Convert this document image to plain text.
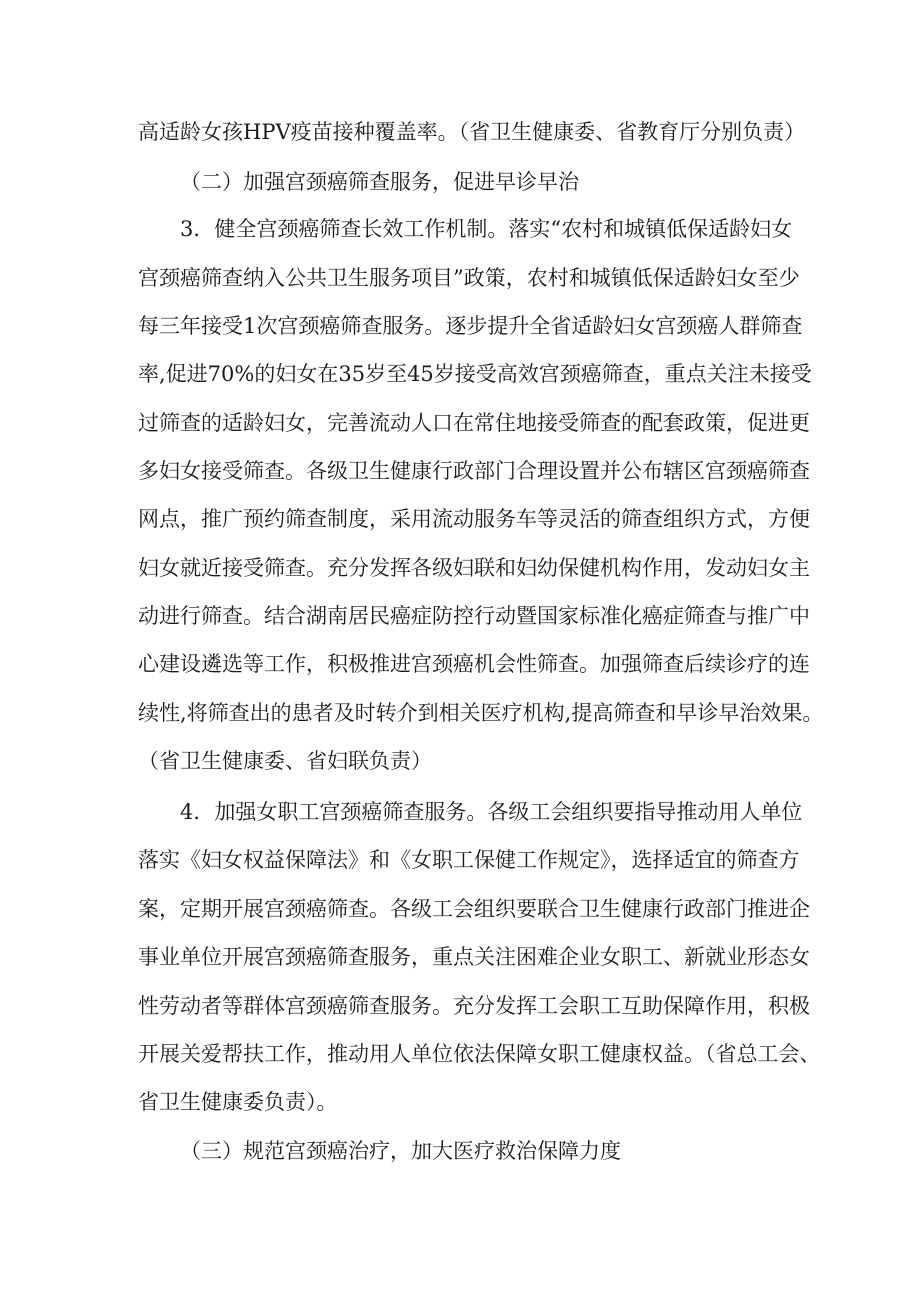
高适龄女孩HPV疫苗接种覆盖率。（省卫生健康委、省教育厅分别负责）
（二）加强宫颈癌筛查服务，促进早诊早治
3．健全宫颈癌筛查长效工作机制。落实“农村和城镇低保适龄妇女
宫颈癌筛查纳入公共卫生服务项目”政策，农村和城镇低保适龄妇女至少
每三年接受1次宫颈癌筛查服务。逐步提升全省适龄妇女宫颈癌人群筛查
率,促进70%的妇女在35岁至45岁接受高效宫颈癌筛查，重点关注未接受
过筛查的适龄妇女，完善流动人口在常住地接受筛查的配套政策，促进更
多妇女接受筛查。各级卫生健康行政部门合理设置并公布辖区宫颈癌筛查
网点，推广预约筛查制度，采用流动服务车等灵活的筛查组织方式，方便
妇女就近接受筛查。充分发挥各级妇联和妇幼保健机构作用，发动妇女主
动进行筛查。结合湖南居民癌症防控行动暨国家标准化癌症筛查与推广中
心建设遴选等工作，积极推进宫颈癌机会性筛查。加强筛查后续诊疗的连
续性,将筛查出的患者及时转介到相关医疗机构,提高筛查和早诊早治效果。
（省卫生健康委、省妇联负责）
4．加强女职工宫颈癌筛查服务。各级工会组织要指导推动用人单位
落实《妇女权益保障法》和《女职工保健工作规定》，选择适宜的筛查方
案，定期开展宫颈癌筛查。各级工会组织要联合卫生健康行政部门推进企
事业单位开展宫颈癌筛查服务，重点关注困难企业女职工、新就业形态女
性劳动者等群体宫颈癌筛查服务。充分发挥工会职工互助保障作用，积极
开展关爱帮扶工作，推动用人单位依法保障女职工健康权益。（省总工会、
省卫生健康委负责）。
（三）规范宫颈癌治疗，加大医疗救治保障力度
